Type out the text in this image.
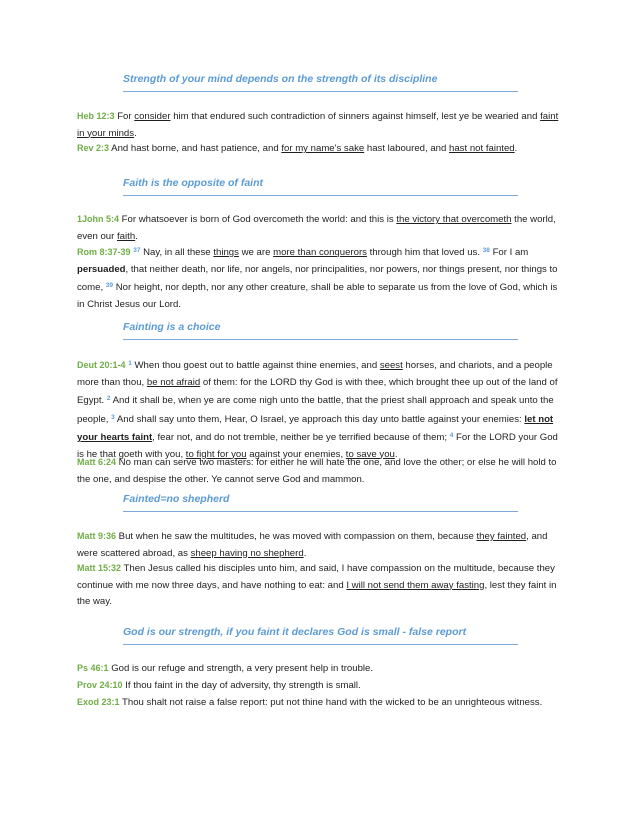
Strength of your mind depends on the strength of its discipline
Heb 12:3 For consider him that endured such contradiction of sinners against himself, lest ye be wearied and faint in your minds.
Rev 2:3 And hast borne, and hast patience, and for my name's sake hast laboured, and hast not fainted.
Faith is the opposite of faint
1John 5:4 For whatsoever is born of God overcometh the world: and this is the victory that overcometh the world, even our faith.
Rom 8:37-39 $^{37}$ Nay, in all these things we are more than conquerors through him that loved us. $^{38}$ For I am persuaded, that neither death, nor life, nor angels, nor principalities, nor powers, nor things present, nor things to come, $^{39}$ Nor height, nor depth, nor any other creature, shall be able to separate us from the love of God, which is in Christ Jesus our Lord.
Fainting is a choice
Deut 20:1-4 $^1$ When thou goest out to battle against thine enemies, and seest horses, and chariots, and a people more than thou, be not afraid of them: for the LORD thy God is with thee, which brought thee up out of the land of Egypt. $^2$ And it shall be, when ye are come nigh unto the battle, that the priest shall approach and speak unto the people, $^3$ And shall say unto them, Hear, O Israel, ye approach this day unto battle against your enemies: let not your hearts faint, fear not, and do not tremble, neither be ye terrified because of them; $^4$ For the LORD your God is he that goeth with you, to fight for you against your enemies, to save you.
Matt 6:24 No man can serve two masters: for either he will hate the one, and love the other; or else he will hold to the one, and despise the other. Ye cannot serve God and mammon.
Fainted=no shepherd
Matt 9:36 But when he saw the multitudes, he was moved with compassion on them, because they fainted, and were scattered abroad, as sheep having no shepherd.
Matt 15:32 Then Jesus called his disciples unto him, and said, I have compassion on the multitude, because they continue with me now three days, and have nothing to eat: and I will not send them away fasting, lest they faint in the way.
God is our strength, if you faint it declares God is small - false report
Ps 46:1 God is our refuge and strength, a very present help in trouble.
Prov 24:10 If thou faint in the day of adversity, thy strength is small.
Exod 23:1 Thou shalt not raise a false report: put not thine hand with the wicked to be an unrighteous witness.
